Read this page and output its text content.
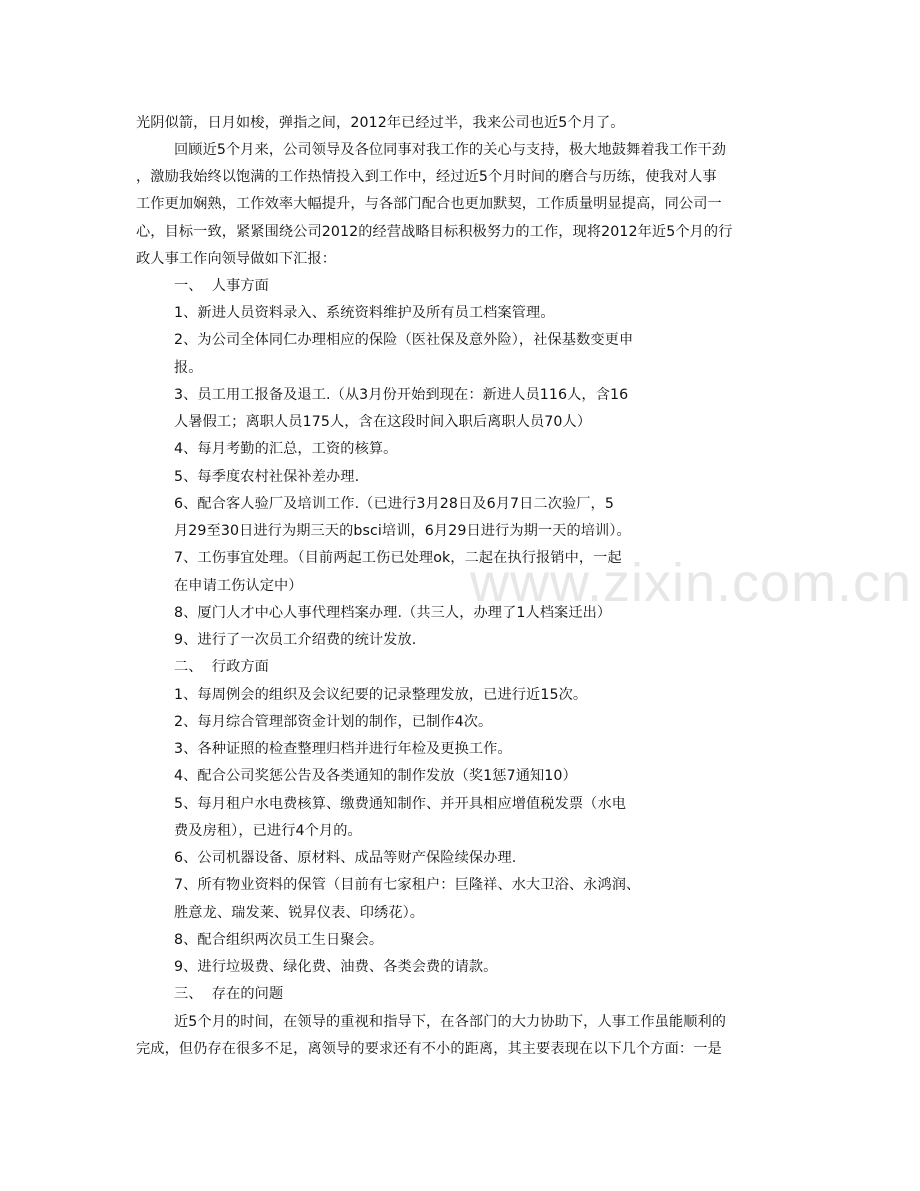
www.zixin.com.cn
光阴似箭，日月如梭，弹指之间，2012年已经过半，我来公司也近5个月了。
回顾近5个月来，公司领导及各位同事对我工作的关心与支持，极大地鼓舞着我工作干劲
，激励我始终以饱满的工作热情投入到工作中，经过近5个月时间的磨合与历练，使我对人事
工作更加娴熟，工作效率大幅提升，与各部门配合也更加默契，工作质量明显提高，同公司一
心，目标一致，紧紧围绕公司2012的经营战略目标积极努力的工作，现将2012年近5个月的行
政人事工作向领导做如下汇报：
一、  人事方面
1、新进人员资料录入、系统资料维护及所有员工档案管理。
2、为公司全体同仁办理相应的保险（医社保及意外险），社保基数变更申
报。
3、员工用工报备及退工.（从3月份开始到现在：新进人员116人，含16
人暑假工；离职人员175人，含在这段时间入职后离职人员70人）
4、每月考勤的汇总，工资的核算。
5、每季度农村社保补差办理.
6、配合客人验厂及培训工作.（已进行3月28日及6月7日二次验厂，5
月29至30日进行为期三天的bsci培训，6月29日进行为期一天的培训）。
7、工伤事宜处理。（目前两起工伤已处理ok，二起在执行报销中，一起
在申请工伤认定中）
8、厦门人才中心人事代理档案办理.（共三人，办理了1人档案迁出）
9、进行了一次员工介绍费的统计发放.
二、  行政方面
1、每周例会的组织及会议纪要的记录整理发放，已进行近15次。
2、每月综合管理部资金计划的制作，已制作4次。
3、各种证照的检查整理归档并进行年检及更换工作。
4、配合公司奖惩公告及各类通知的制作发放（奖1惩7通知10）
5、每月租户水电费核算、缴费通知制作、并开具相应增值税发票（水电
费及房租），已进行4个月的。
6、公司机器设备、原材料、成品等财产保险续保办理.
7、所有物业资料的保管（目前有七家租户：巨隆祥、水大卫浴、永鸿润、
胜意龙、瑞发莱、锐昇仪表、印绣花）。
8、配合组织两次员工生日聚会。
9、进行垃圾费、绿化费、油费、各类会费的请款。
三、  存在的问题
近5个月的时间，在领导的重视和指导下，在各部门的大力协助下，人事工作虽能顺利的
完成，但仍存在很多不足，离领导的要求还有不小的距离，其主要表现在以下几个方面：一是
